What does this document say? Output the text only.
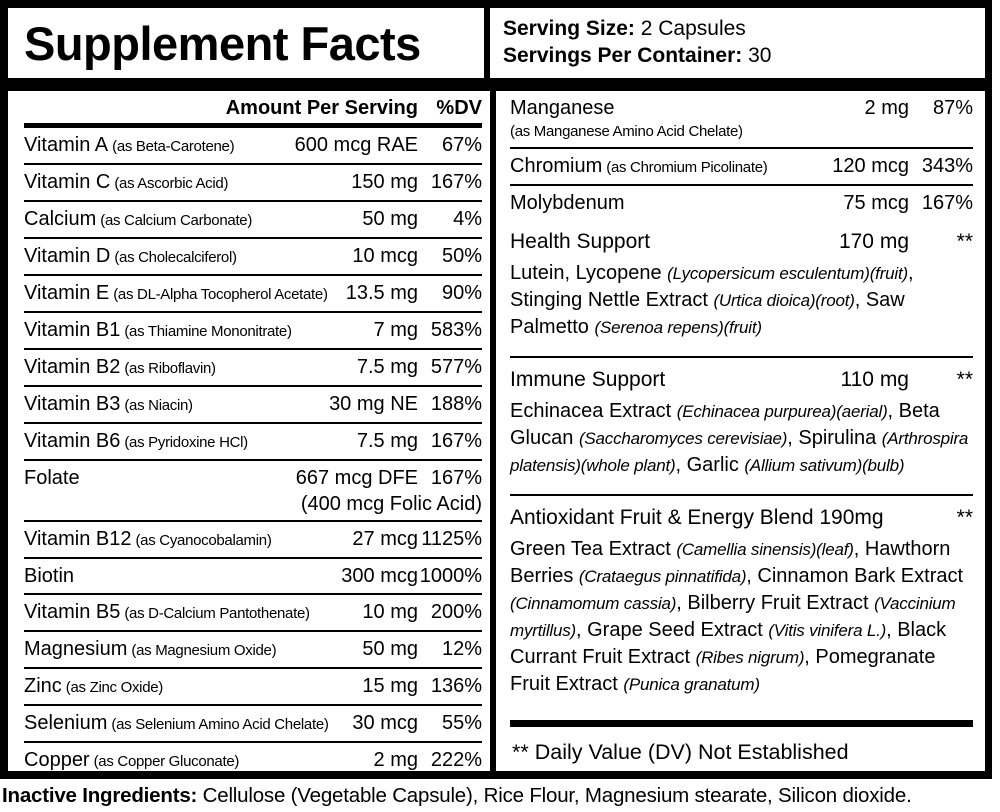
Supplement Facts	Serving Size: 2 Capsules
Servings Per Container: 30
Amount Per Serving %DV
Vitamin A (as Beta-Carotene)	600 mcg RAE	67%
Vitamin C (as Ascorbic Acid)	150 mg 167%
Calcium (as Calcium Carbonate)	50 mg	4%
Vitamin D (as Cholecalciferol)	10 mcg	50%
Vitamin E (as DL-Alpha Tocopherol Acetate) 13.5 mg	90%
Vitamin B1 (as Thiamine Mononitrate)	7 mg 583%
Vitamin B2 (as Riboflavin)	7.5 mg 577%
Vitamin B3 (as Niacin)	30 mg NE 188%
Vitamin B6 (as Pyridoxine HCl)	7.5 mg 167%
Folate	667 mcg DFE 167%
(400 mcg Folic Acid)
Vitamin B12 (as Cyanocobalamin)	27 mcg 1125%
Biotin	300 mcg 1000%
Vitamin B5 (as D-Calcium Pantothenate)	10 mg 200%
Magnesium (as Magnesium Oxide)	50 mg	12%
Zinc (as Zinc Oxide)	15 mg 136%
Selenium (as Selenium Amino Acid Chelate)	30 mcg	55%
Copper (as Copper Gluconate)	2 mg 222%
Manganese	2 mg	87%
(as Manganese Amino Acid Chelate)
Chromium (as Chromium Picolinate)	120 mcg 343%
Molybdenum	75 mcg 167%
Health Support	170 mg	**
Lutein, Lycopene (Lycopersicum esculentum)(fruit), Stinging Nettle Extract (Urtica dioica)(root), Saw Palmetto (Serenoa repens)(fruit)
Immune Support	110 mg	**
Echinacea Extract (Echinacea purpurea)(aerial), Beta Glucan (Saccharomyces cerevisiae), Spirulina (Arthrospira platensis)(whole plant), Garlic (Allium sativum)(bulb)
Antioxidant Fruit & Energy Blend 190mg	**
Green Tea Extract (Camellia sinensis)(leaf), Hawthorn Berries (Crataegus pinnatifida), Cinnamon Bark Extract (Cinnamomum cassia), Bilberry Fruit Extract (Vaccinium myrtillus), Grape Seed Extract (Vitis vinifera L.), Black Currant Fruit Extract (Ribes nigrum), Pomegranate Fruit Extract (Punica granatum)
** Daily Value (DV) Not Established
Inactive Ingredients: Cellulose (Vegetable Capsule), Rice Flour, Magnesium stearate, Silicon dioxide.
